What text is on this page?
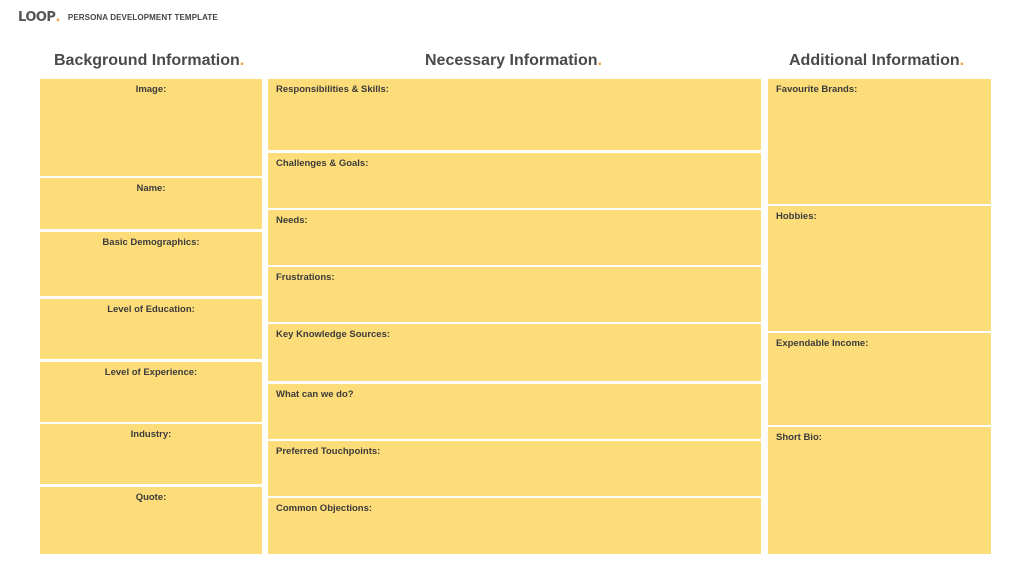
LOOP . PERSONA DEVELOPMENT TEMPLATE
Background Information.	Necessary Information.	Additional Information.
Image:
Name:
Basic Demographics:
Level of Education:
Level of Experience:
Industry:
Quote:
Responsibilities & Skills:
Challenges & Goals:
Needs:
Frustrations:
Key Knowledge Sources:
What can we do?
Preferred Touchpoints:
Common Objections:
Favourite Brands:
Hobbies:
Expendable Income:
Short Bio:
